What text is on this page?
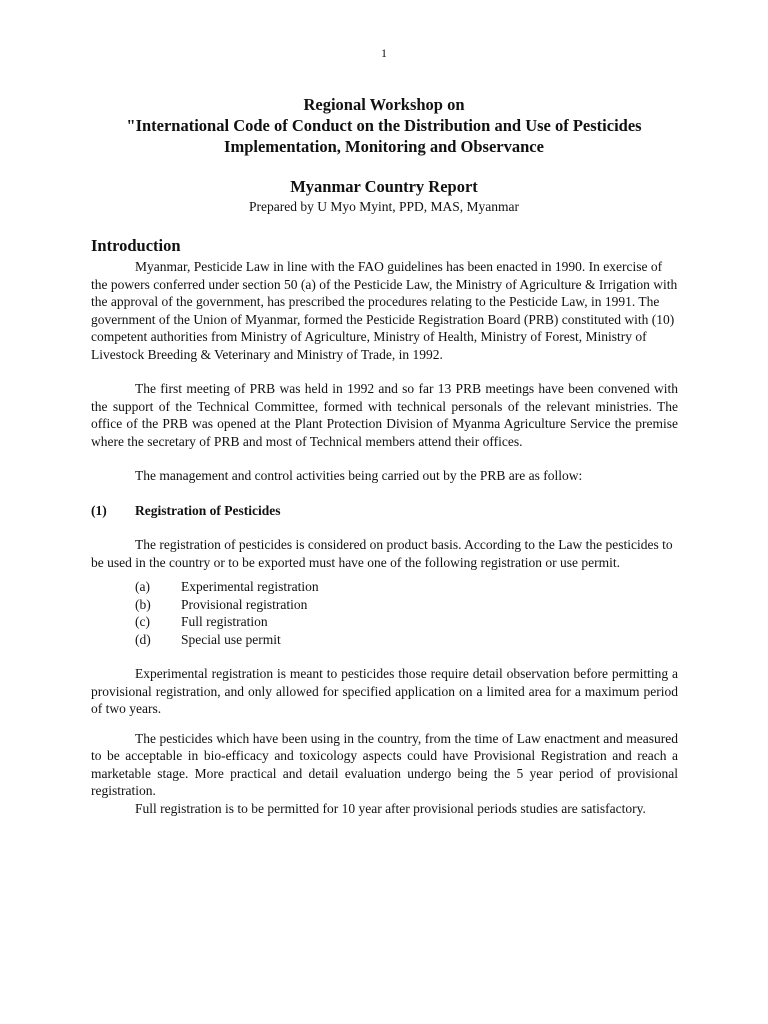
1
Regional Workshop on
"International Code of Conduct on the Distribution and Use of Pesticides
Implementation, Monitoring and Observance
Myanmar Country Report
Prepared by U Myo Myint, PPD, MAS, Myanmar
Introduction

Myanmar, Pesticide Law in line with the FAO guidelines has been enacted in 1990. In exercise of the powers conferred under section 50 (a) of the Pesticide Law, the Ministry of Agriculture & Irrigation with the approval of the government, has prescribed the procedures relating to the Pesticide Law, in 1991. The government of the Union of Myanmar, formed the Pesticide Registration Board (PRB) constituted with (10) competent authorities from Ministry of Agriculture, Ministry of Health, Ministry of Forest, Ministry of Livestock Breeding & Veterinary and Ministry of Trade, in 1992.

The first meeting of PRB was held in 1992 and so far 13 PRB meetings have been convened with the support of the Technical Committee, formed with technical personals of the relevant ministries. The office of the PRB was opened at the Plant Protection Division of Myanma Agriculture Service the premise where the secretary of PRB and most of Technical members attend their offices.

The management and control activities being carried out by the PRB are as follow:

(1)	Registration of Pesticides

The registration of pesticides is considered on product basis. According to the Law the pesticides to be used in the country or to be exported must have one of the following registration or use permit.

(a)	Experimental registration
(b)	Provisional registration
(c)	Full registration
(d)	Special use permit

Experimental registration is meant to pesticides those require detail observation before permitting a provisional registration, and only allowed for specified application on a limited area for a maximum period of two years.

The pesticides which have been using in the country, from the time of Law enactment and measured to be acceptable in bio-efficacy and toxicology aspects could have Provisional Registration and reach a marketable stage. More practical and detail evaluation undergo being the 5 year period of provisional registration.

Full registration is to be permitted for 10 year after provisional periods studies are satisfactory.
